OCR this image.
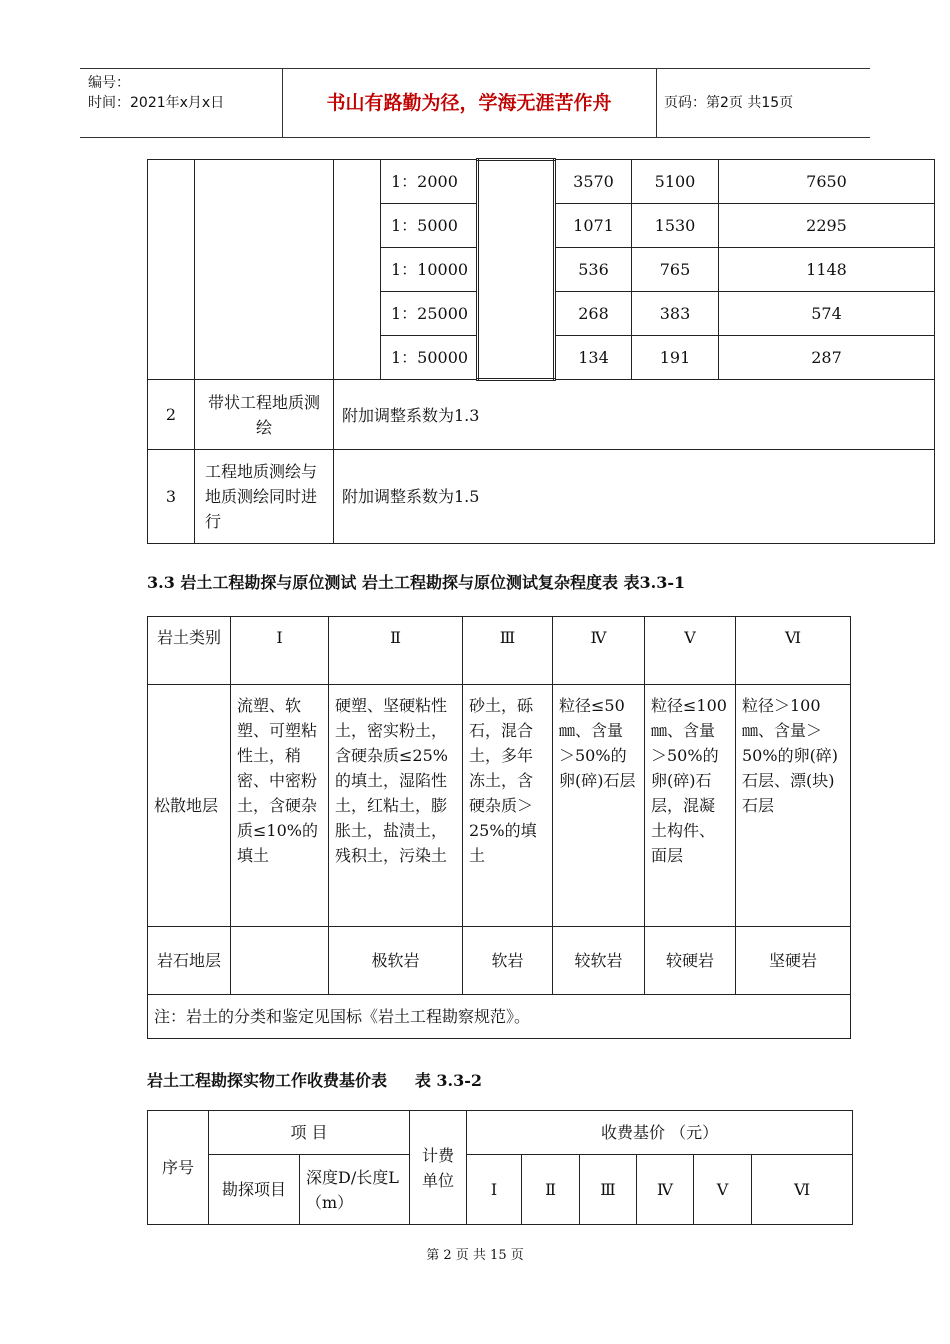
编号：
时间：2021年x月x日	书山有路勤为径，学海无涯苦作舟	页码：第2页 共15页
			1：2000		3570	5100	7650
			1：5000		1071	1530	2295
			1：10000		536	765	1148
			1：25000		268	383	574
			1：50000		134	191	287
2	带状工程地质测绘	附加调整系数为1.3					
3	工程地质测绘与地质测绘同时进行	附加调整系数为1.5					
3.3 岩土工程勘探与原位测试 岩土工程勘探与原位测试复杂程度表 表3.3-1
岩土类别	Ⅰ	Ⅱ	Ⅲ	Ⅳ	Ⅴ	Ⅵ
松散地层	流塑、软塑、可塑粘性土，稍密、中密粉土，含硬杂质≤10%的填土	硬塑、坚硬粘性土，密实粉土，含硬杂质≤25%的填土，湿陷性土，红粘土，膨胀土，盐渍土，残积土，污染土	砂土，砾石，混合土，多年冻土，含硬杂质＞25%的填土	粒径≤50㎜、含量＞50%的卵(碎)石层	粒径≤100㎜、含量＞50%的卵(碎)石层，混凝土构件、面层	粒径＞100㎜、含量＞50%的卵(碎)石层、漂(块)石层
岩石地层		极软岩	软岩	较软岩	较硬岩	坚硬岩
注：岩土的分类和鉴定见国标《岩土工程勘察规范》。						
岩土工程勘探实物工作收费基价表     表 3.3-2
序号	项 目		计费单位	收费基价 （元）					
	勘探项目	深度D/长度L（m）		Ⅰ	Ⅱ	Ⅲ	Ⅳ	Ⅴ	Ⅵ
第 2 页 共 15 页
